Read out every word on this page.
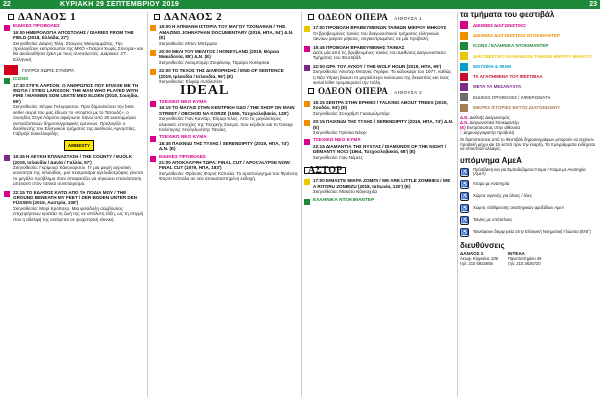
22	ΚΥΡΙΑΚΗ 29 ΣΕΠΤΕΜΒΡΙΟΥ 2019	23
ΔΑΝΑΟΣ 1
ΕΙΔΙΚΕΣ ΠΡΟΒΟΛΕΣ
16:00 ΗΜΕΡΟΛΟΓΙΑ ΑΠΟΣΤΟΛΗΣ / DIARIES FROM THE FIELD (2018, Ελλάδα, 27')
Σκηνοθεσία: Δάφνη Τόλη, Σταυρος Μαυρομμάτης. Την προλογίζουν εκπρόσωποι της ΜΚΟ «Γιατροί Χωρίς Σύνορα» και θα ακολουθήσει Q&A με τους συντελεστές. Διάρκεια: 27'. Ελληνική
ΓΙΑΤΡΟΙ ΧΩΡΙΣ ΣΥΝΟΡΑ
ICONS
17:30 ΣΤΙΓΚ ΛΑΡΣΟΝ: Ο ΑΝΘΡΩΠΟΣ ΠΟΥ ΕΠΑΙΞΕ ΜΕ ΤΗ ΦΩΤΙΑ / STIEG LARSSON: THE MAN WHO PLAYED WITH FIRE / MANNEN SOM LEKTE MED ELDEN (2018, Σουηδία, 99')
Σκηνοθεσία: Χένρικ Γκέοργκσον. Πριν δημοσιεύσει την best seller σειρά του μας έδωσε το «Κορίτσι με το Τατουάζ», ο σουηδός Στιγκ Λάρσον αφιέρωσε πάνω από 30 εκατομμύρια αντιναζιστικών δημοσιογραφικές ερευνών. Προλογίζει ο διευθυντής του Ελληνικού τμήματος της Διεθνούς Αμνηστίας, Γαβριήλ Σακελλαρίδης
AMNESTY
19:45 Η ΛΕΥΚΗ ΕΠΑΝΑΣΤΑΣΗ / THE COUNTY / MJÓLK (2019, Ισλανδία / Δανία / Γαλλία, 97')
Σκηνοθεσία: Γκρίμουρ Χάκοναρσον. Γι' μια μικρή αγροτική κοινότητα της Ισλανδίας, μια πεισματάρα αγελαδοτρόφος γίνεται το μεγάλο πρόβλημα όταν αποφασίζει να σηκώσει επανάσταση απέναντι στον τοπικό συνεταιρισμό.
22:15 ΤΟ ΕΔΑΦΟΣ ΚΑΤΩ ΑΠΟ ΤΑ ΠΟΔΙΑ ΜΟΥ / THE GROUND BENEATH MY FEET / DER BODEN UNTER DEN FÜSSEN (2019, Αυστρία, 108')
Σκηνοθεσία: Μαρί Κροϊτσερ. Μια φιλόδοξη σύμβουλος επιχειρήσεων κρατάει τη ζωή της σε απόλυτη τάξη, ως τη στιγμή που η αδελφή της εισάγεται σε ψυχιατρική κλινική.
ΔΑΝΑΟΣ 2
18:00 Η ΑΠΙΘΑΝΗ ΙΣΤΟΡΙΑ ΤΟΥ ΜΑΓΟΥ ΤΖΟΝΑΘΑΝ / THE AMAZING JOHNATHAN DOCUMENTARY (2019, ΗΠΑ, 94') Δ.Ν. (Ε)
Σκηνοθεσία: Μπεν Μπέρμαν
20:00 ΜΕΛΙ ΤΟΥ ΜΕΛΙΤΟΣ / HONEYLAND (2019, Βόρεια Μακεδονία, 85') Δ.Ν. (Ε)
Σκηνοθεσία: Λιουμπομίρ Στεφάνοφ, Ταμάρα Κοτέφσκα
22:00 ΤΟ ΤΕΛΟΣ ΤΗΣ ΔΙΑΦΟΡΗΣΗΣ / END OF SENTENCE (2019, Ιρλανδία / Ισλανδία, 96') (Ε)
Σκηνοθεσία: Έλφαρ Αντάλστεϊν
IDEAL
ΤΣΕΧΙΚΟ ΝΕΟ ΚΥΜΑ
16:15 ΤΟ ΜΑΓΑΖΙ ΣΤΗΝ ΚΕΝΤΡΙΚΗ ΟΔΟ / THE SHOP ON MAIN STREET / OBCHOD NA KORZE (1965, Τσεχοσλοβακία, 128')
Σκηνοθεσία: Γιαν Καντάρ, Έλμαρ Κλος. Απο τις μεγαλύτερες κλασικές επιτυχίες της Τσεχικής Σινεμά, που κέρδισε και το Όσκαρ Καλύτερης Ξενόγλωσσης Ταινίας.
ΤΣΕΧΙΚΟ ΝΕΟ ΚΥΜΑ
18:45 ΠΑΙΧΝΙΔΙ ΤΗΣ ΤΥΧΗΣ / SERENDIPITY (2019, ΗΠΑ, 74') Δ.Ν. (Ε)
ΕΙΔΙΚΕΣ ΠΡΟΒΟΛΕΣ
21:00 ΑΠΟΚΑΛΥΨΗ ΤΩΡΑ: FINAL CUT / APOCALYPSE NOW: FINAL CUT (1979, ΗΠΑ, 183')
Σκηνοθεσία: Φράνσις Φορντ Κόπολα. Το αριστούργημα του Φράνσις Φορντ Κόπολα σε νέα αποκαταστημένη εκδοχή.
ΟΔΕΟΝ ΟΠΕΡΑ ΑΙΘΟΥΣΑ 1
17:00 ΠΡΟΒΟΛΗ ΒΡΑΒΕΥΜΕΝΩΝ ΤΑΙΝΙΩΝ ΜΙΚΡΟΥ ΜΗΚΟΥΣ
Οι βραβευμένες ταινίες του διαγωνιστικού τμήματος ελληνικών ταινιών μικρού μήκους, συγκεντρωμένες σε μία προβολή.
19:45 ΠΡΟΒΟΛΗ ΒΡΑΒΕΥΜΕΝΗΣ ΤΑΙΝΙΑΣ
Δείτε μία από τις βραβευμένες ταινίες του Διεθνούς Διαγωνιστικού Τμήματος του Φεστιβάλ
22:00 ΩΡΑ ΤΟΥ ΛΥΚΟΥ / THE WOLF HOUR (2019, ΗΠΑ, 99')
Σκηνοθεσία: Αλιστερ Μπανκς Γκρίφιν. Το καλοκαίρι του 1977, καθώς η Νέα Υόρκη βιώνει το μεγαλύτερο καύσωνα της δεκαετίας και ένας serial killer τρομοκρατεί την πόλη.
ΟΔΕΟΝ ΟΠΕΡΑ ΑΙΘΟΥΣΑ 2
18:15 ΣΕΝΤΡΑ ΣΤΗΝ ΕΡΗΜΟ / TALKING ABOUT TREES (2019, Σουδάν, 94') (Ε)
Σκηνοθεσία: Σουχαΐμπ Γκασμελμπάρι
20:15 ΠΑΙΧΝΙΔΙ ΤΗΣ ΤΥΧΗΣ / SERENDIPITY (2019, ΗΠΑ, 74') Δ.Ν. (Ε)
Σκηνοθεσία: Πρίσκα Νέκρι
ΤΣΕΧΙΚΟ ΝΕΟ ΚΥΜΑ
22:15 ΔΙΑΜΑΝΤΙΑ ΤΗΣ ΝΥΧΤΑΣ / DIAMONDS OF THE NIGHT / DÉMANTY NOCI (1964, Τσεχοσλοβακία, 68') (Ε)
Σκηνοθεσία: Γιαν Νέμετς
ΑΣΤΟΡ
17:00 ΕΙΜΑΣΤΕ ΜΙΚΡΑ ΖΟΜΠΙ / WE ARE LITTLE ZOMBIES / WE A RITORU ZONBIZU (2018, Ιαπωνία, 120') (E)
Σκηνοθεσία: Μακότο Νάγκαχιζα
ΕΛΛΗΝΙΚΑ ΝΤΟΚΙΜΑΝΤΕΡ
τα τμήματα του φεστιβάλ
ΔΙΕΘΝΕΣ ΔΙΑΓΩΝΙΣΤΙΚΟ
ΔΙΕΘΝΕΣ ΔΙΑΓΩΝΙΣΤΙΚΟ ΝΤΟΚΙΜΑΝΤΕΡ
ICONS / ΕΛΛΗΝΙΚΑ ΝΤΟΚΙΜΑΝΤΕΡ
ΔΙΑΓΩΝΙΣΤΙΚΟ ΕΛΛΗΝΙΚΩΝ ΤΑΙΝΙΩΝ ΜΙΚΡΟΥ ΜΗΚΟΥΣ
ΜΟΥΣΙΚΗ & ΦΙΛΜ
ΤΑ ΑΓΑΠΗΜΕΝΑ ΤΟΥ ΦΕΣΤΙΒΑΛ
ΜΕΤΑ ΤΑ ΜΕΣΑΝΥΧΤΑ
ΕΙΔΙΚΕΣ ΠΡΟΒΟΛΕΣ / ΑΦΙΕΡΩΜΑΤΑ
ΜΙΚΡΕΣ ΙΣΤΟΡΙΕΣ ΕΚΤΟΣ ΔΙΑΓΩΝΙΣΜΟΥ
Δ.Ν. Διεθνής Διαγωνισμός
Δ.Ν. Διαγωνιστικό Ντοκιμαντέρ
(Ε) Εκπρόσωπος στην αίθουσα
□ Δημιουργοφοιτητ προβολή
Οι διαπιστεύσεις από το Φεστιβάλ δημοσιογράφων μπορούν να ισχύουν προβολή μέχρι και 15 λεπτά πριν την έναρξη. Τα προγράμματα ενδέχεται να υποστούν αλλαγές.
υπόμνημα ΑμεΑ
♿
Πρόσβαση και για Εμποδιζόμενα Άτομα / Άτομα με Αναπηρία (ΑμεΑ)
♿ Άτομα με Αναπηρία
♿ Χώρος υγιεινής για όλους / όλες
♿ Χώρος στάθμευσης αναπηρικών αμαξιδίων ΑμεΑ
♿ Ταινίες με υπότιτλους
♿ Ταινιόφουν διερμηνεία στην Ελληνική Νοηματική Γλώσσα (ΕΝΓ)
διευθύνσεις
ΔΑΝΑΟΣ 1
Λεωφ. Κηφισίας 109
τηλ: 210 6922655
ΙΝΤΕΑΛ
Πανεπιστημίου 46
τηλ: 210 3626720
